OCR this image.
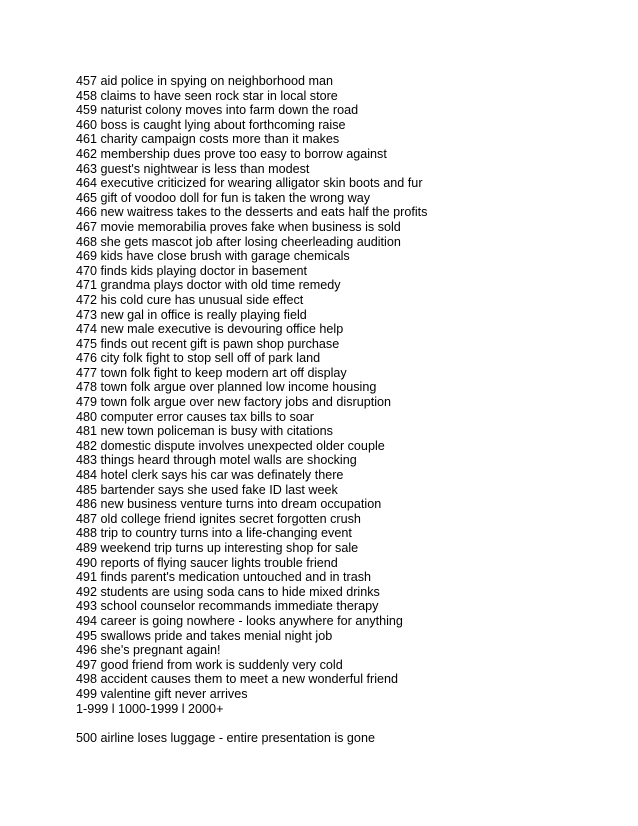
457 aid police in spying on neighborhood man
458 claims to have seen rock star in local store
459 naturist colony moves into farm down the road
460 boss is caught lying about forthcoming raise
461 charity campaign costs more than it makes
462 membership dues prove too easy to borrow against
463 guest's nightwear is less than modest
464 executive criticized for wearing alligator skin boots and fur
465 gift of voodoo doll for fun is taken the wrong way
466 new waitress takes to the desserts and eats half the profits
467 movie memorabilia proves fake when business is sold
468 she gets mascot job after losing cheerleading audition
469 kids have close brush with garage chemicals
470 finds kids playing doctor in basement
471 grandma plays doctor with old time remedy
472 his cold cure has unusual side effect
473 new gal in office is really playing field
474 new male executive is devouring office help
475 finds out recent gift is pawn shop purchase
476 city folk fight to stop sell off of park land
477 town folk fight to keep modern art off display
478 town folk argue over planned low income housing
479 town folk argue over new factory jobs and disruption
480 computer error causes tax bills to soar
481 new town policeman is busy with citations
482 domestic dispute involves unexpected older couple
483 things heard through motel walls are shocking
484 hotel clerk says his car was definately there
485 bartender says she used fake ID last week
486 new business venture turns into dream occupation
487 old college friend ignites secret forgotten crush
488 trip to country turns into a life-changing event
489 weekend trip turns up interesting shop for sale
490 reports of flying saucer lights trouble friend
491 finds parent's medication untouched and in trash
492 students are using soda cans to hide mixed drinks
493 school counselor recommands immediate therapy
494 career is going nowhere - looks anywhere for anything
495 swallows pride and takes menial night job
496 she's pregnant again!
497 good friend from work is suddenly very cold
498 accident causes them to meet a new wonderful friend
499 valentine gift never arrives
1-999 l 1000-1999 l 2000+
500 airline loses luggage - entire presentation is gone
